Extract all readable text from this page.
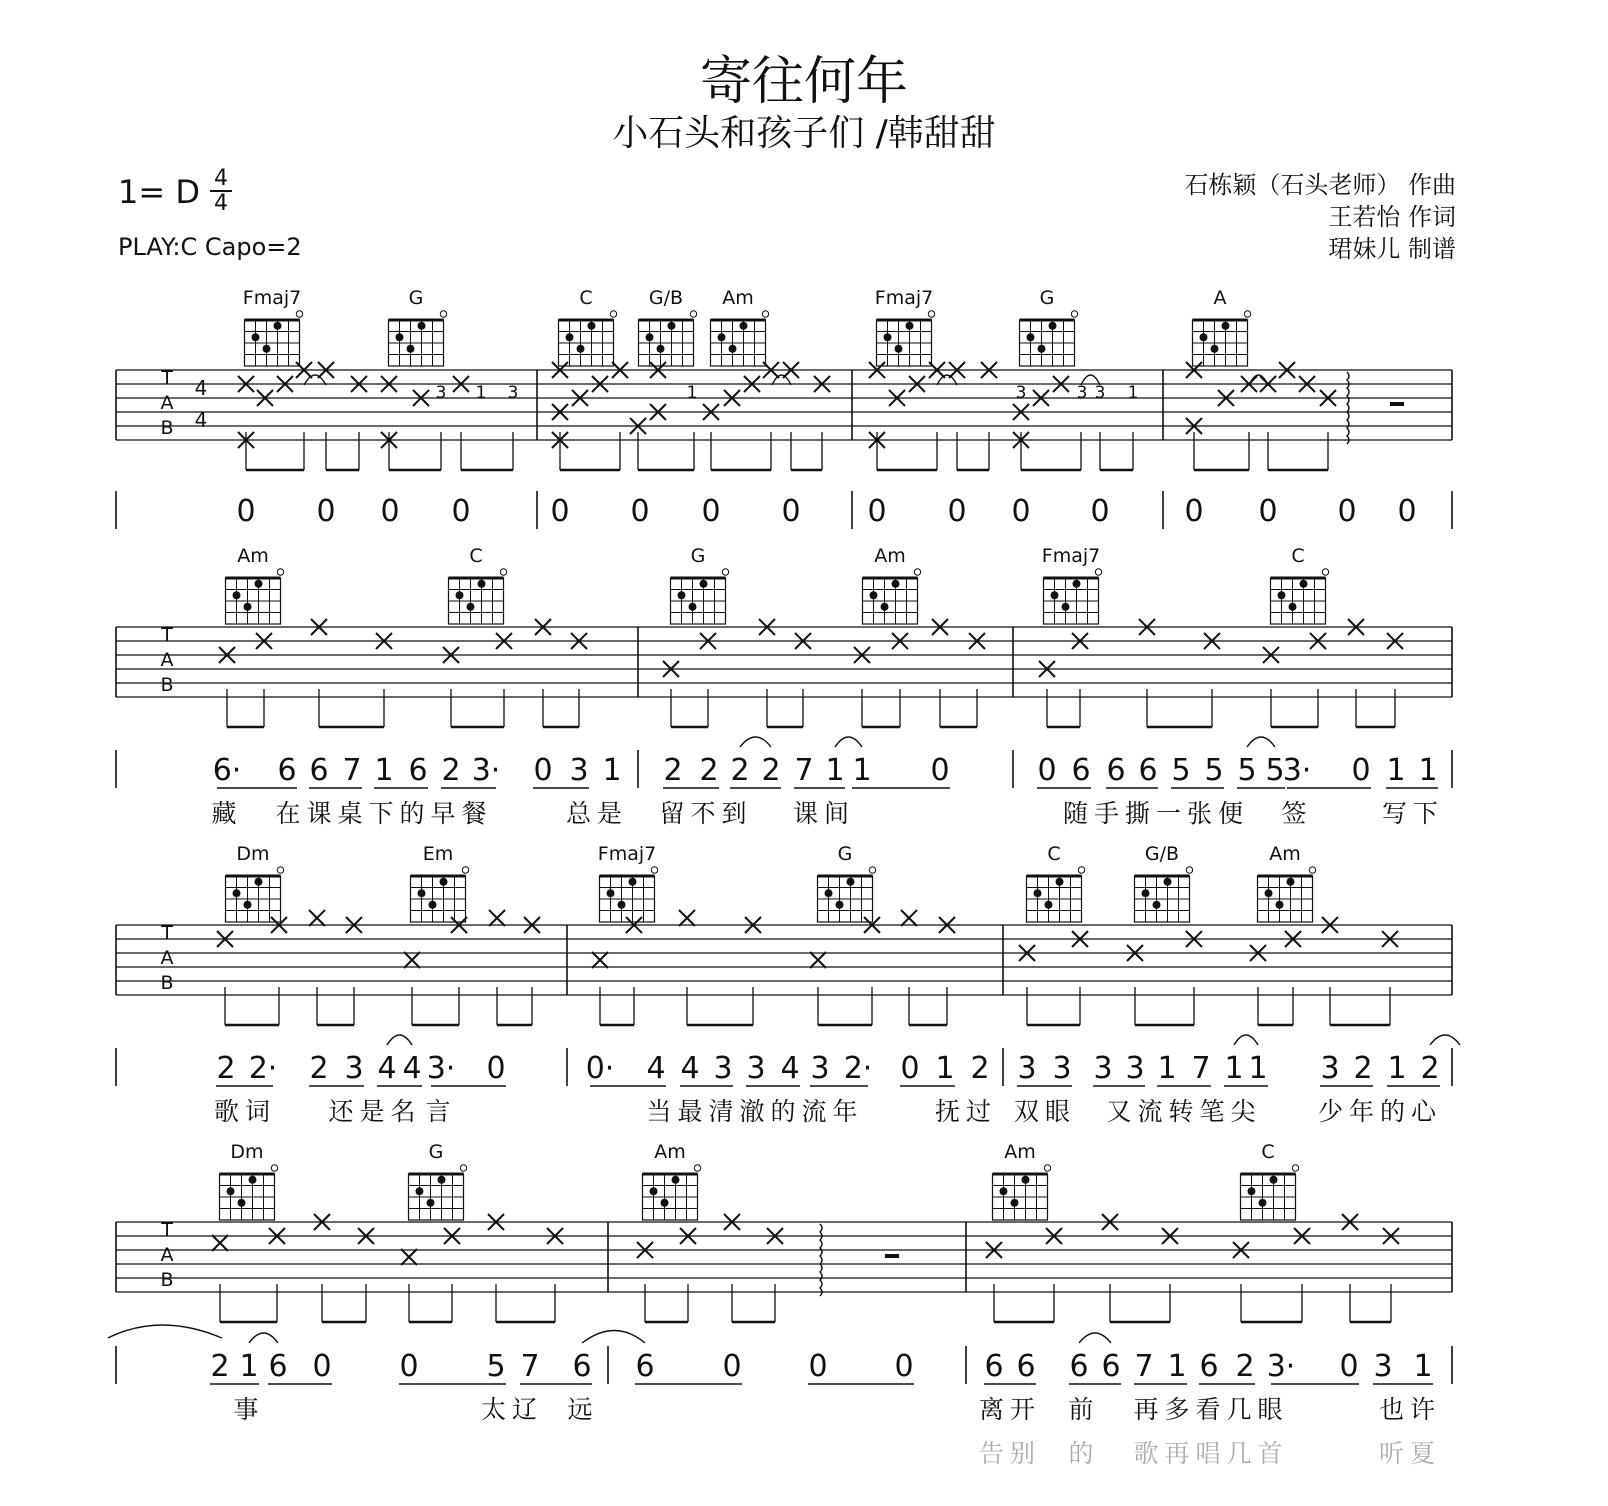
寄往何年
小石头和孩子们 /韩甜甜
1= D 4
4
PLAY:C Capo=2
石栋颖（石头老师） 作曲
王若怡 作词
珺妹儿 制谱
T
A
B
4
4
Fmaj7	G	C	G/B Am	Fmaj7	G	A
3 1 3	1	3	3 3 1
0 0 0 0	0 0 0 0 0 0 0 0 0 0 0 0
T
A
B
Am	C	G	Am	Fmaj7	C
6· 6 6 7 1 6 2 3· 0 3 1 2 2 2 2 7 1 1 0	0 6 6 6 5 5 5 5
3· 0 1 1
藏 在课桌下的早餐	总是 留不到 课间	随手撕一张便 签	写下
T
A
B
Dm	Em	Fmaj7	G	C	G/B	Am
2 2· 2 3 4 4 3· 0	0· 4 4 3 3 4 3 2· 0 1 2 3 3 3 3 1 7 1 1 3 2 1 2
歌词 还是名 言	当最清澈的流年	抚过 双眼 又流转笔尖 少年的心
T
A
B
Dm	G	Am	Am	C
2 1 6 0 0 5 7 6 6 0 0 0 6 6 6 6 7 1 6 2 3· 0 3 1
事	太辽 远	离开 前 再多看几眼	也许
告别 的 歌再唱几首	听夏
